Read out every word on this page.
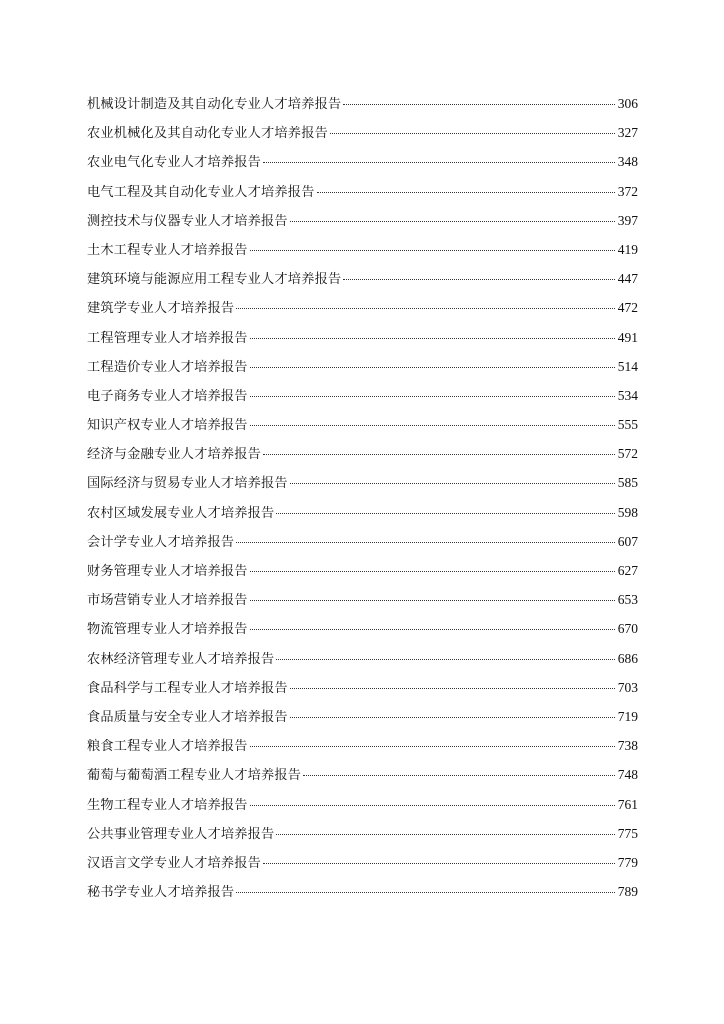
机械设计制造及其自动化专业人才培养报告	306
农业机械化及其自动化专业人才培养报告	327
农业电气化专业人才培养报告	348
电气工程及其自动化专业人才培养报告	372
测控技术与仪器专业人才培养报告	397
土木工程专业人才培养报告	419
建筑环境与能源应用工程专业人才培养报告	447
建筑学专业人才培养报告	472
工程管理专业人才培养报告	491
工程造价专业人才培养报告	514
电子商务专业人才培养报告	534
知识产权专业人才培养报告	555
经济与金融专业人才培养报告	572
国际经济与贸易专业人才培养报告	585
农村区域发展专业人才培养报告	598
会计学专业人才培养报告	607
财务管理专业人才培养报告	627
市场营销专业人才培养报告	653
物流管理专业人才培养报告	670
农林经济管理专业人才培养报告	686
食品科学与工程专业人才培养报告	703
食品质量与安全专业人才培养报告	719
粮食工程专业人才培养报告	738
葡萄与葡萄酒工程专业人才培养报告	748
生物工程专业人才培养报告	761
公共事业管理专业人才培养报告	775
汉语言文学专业人才培养报告	779
秘书学专业人才培养报告	789
